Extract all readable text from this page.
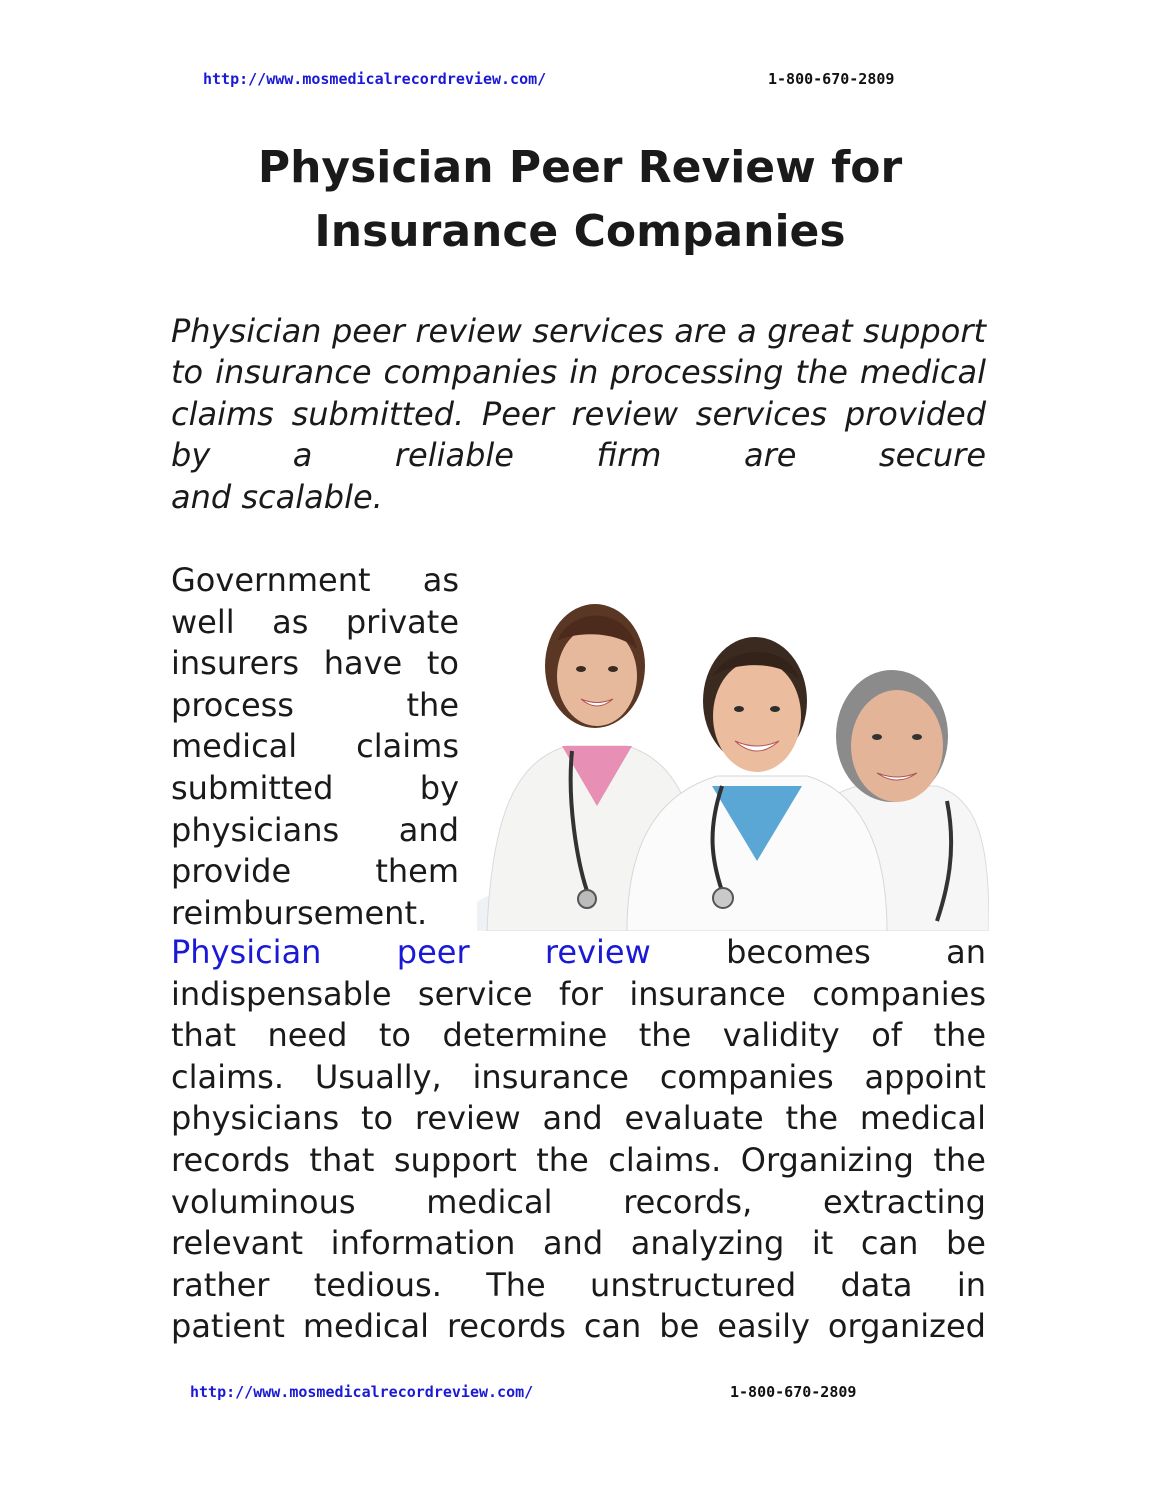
http://www.mosmedicalrecordreview.com/	1-800-670-2809
Physician Peer Review for
Insurance Companies
Physician peer review services are a great support to insurance companies in processing the medical claims submitted. Peer review services provided by a reliable firm are secure
and scalable.
Government as
well as private
insurers have to
process	the
medical claims
submitted	by
physicians and
provide	them
reimbursement.
Physician peer review becomes an
indispensable service for insurance companies
that need to determine the validity of the
claims. Usually, insurance companies appoint
physicians to review and evaluate the medical
records that support the claims. Organizing the
voluminous medical records, extracting
relevant information and analyzing it can be
rather tedious. The unstructured data in
patient medical records can be easily organized
http://www.mosmedicalrecordreview.com/	1-800-670-2809
